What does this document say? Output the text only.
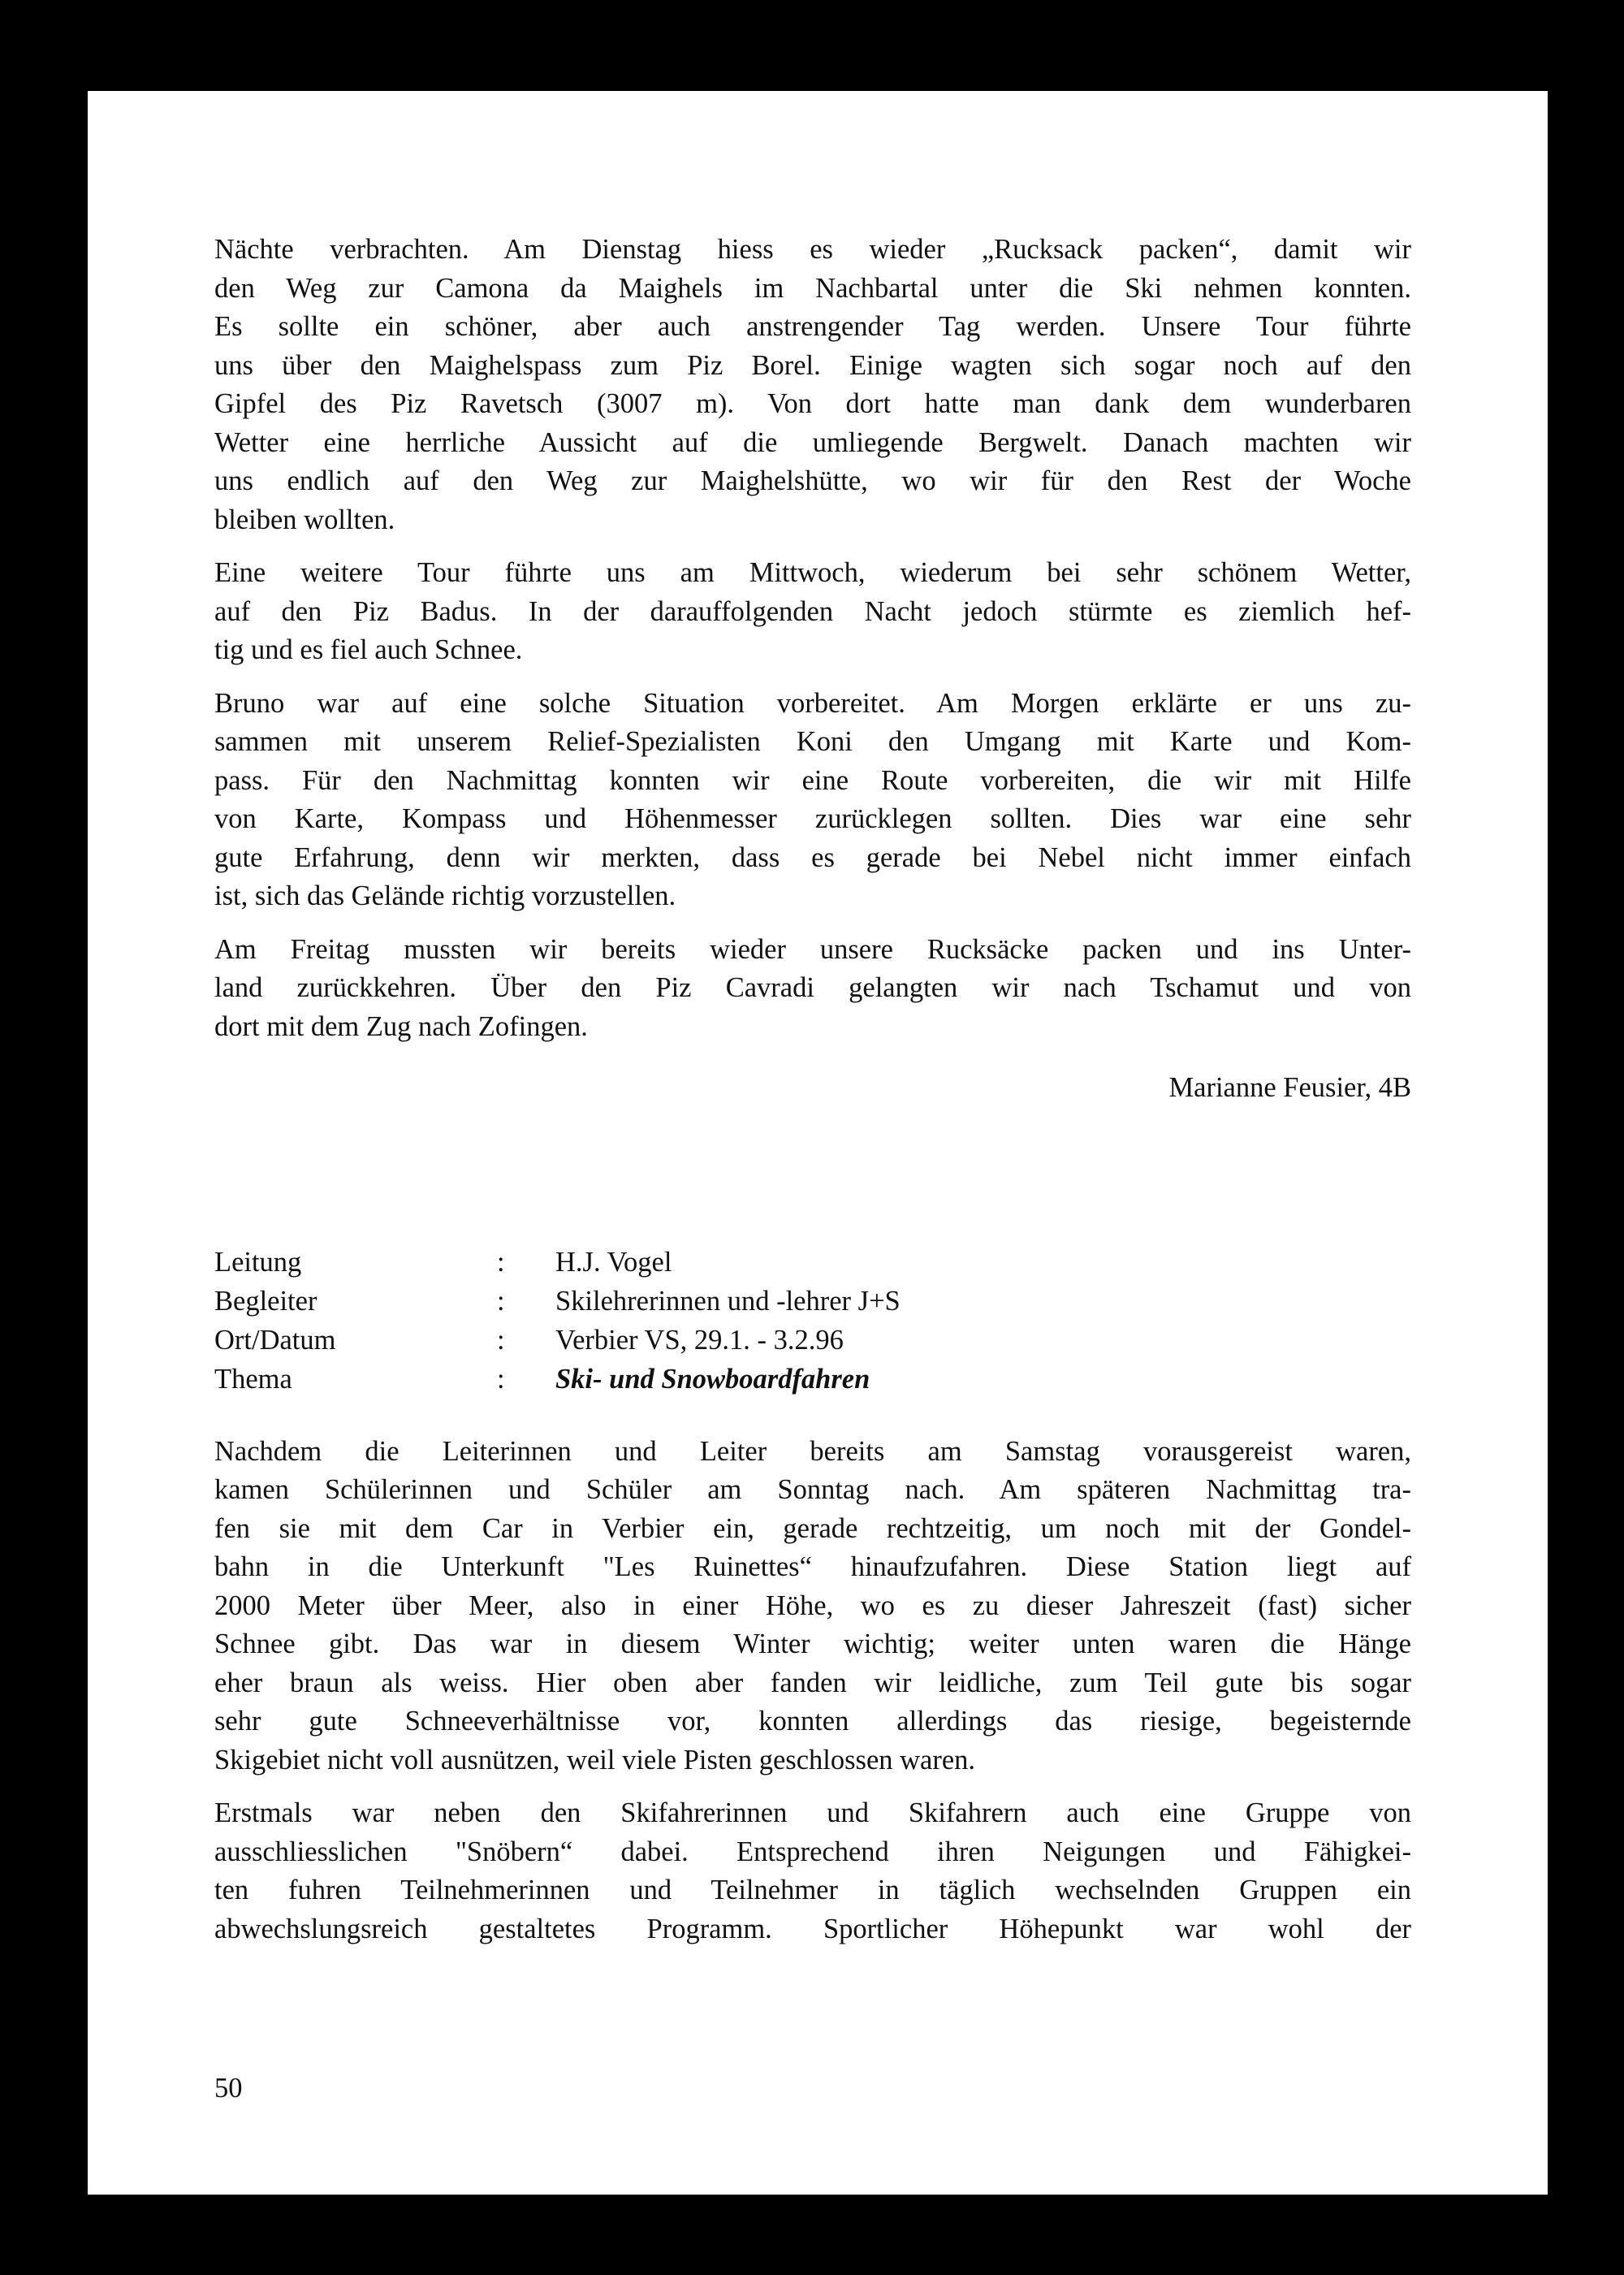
Nächte verbrachten. Am Dienstag hiess es wieder „Rucksack packen“, damit wir
den Weg zur Camona da Maighels im Nachbartal unter die Ski nehmen konnten.
Es sollte ein schöner, aber auch anstrengender Tag werden. Unsere Tour führte
uns über den Maighelspass zum Piz Borel. Einige wagten sich sogar noch auf den
Gipfel des Piz Ravetsch (3007 m). Von dort hatte man dank dem wunderbaren
Wetter eine herrliche Aussicht auf die umliegende Bergwelt. Danach machten wir
uns endlich auf den Weg zur Maighelshütte, wo wir für den Rest der Woche
bleiben wollten.

Eine weitere Tour führte uns am Mittwoch, wiederum bei sehr schönem Wetter,
auf den Piz Badus. In der darauffolgenden Nacht jedoch stürmte es ziemlich hef-
tig und es fiel auch Schnee.

Bruno war auf eine solche Situation vorbereitet. Am Morgen erklärte er uns zu-
sammen mit unserem Relief-Spezialisten Koni den Umgang mit Karte und Kom-
pass. Für den Nachmittag konnten wir eine Route vorbereiten, die wir mit Hilfe
von Karte, Kompass und Höhenmesser zurücklegen sollten. Dies war eine sehr
gute Erfahrung, denn wir merkten, dass es gerade bei Nebel nicht immer einfach
ist, sich das Gelände richtig vorzustellen.

Am Freitag mussten wir bereits wieder unsere Rucksäcke packen und ins Unter-
land zurückkehren. Über den Piz Cavradi gelangten wir nach Tschamut und von
dort mit dem Zug nach Zofingen.

Marianne Feusier, 4B

Leitung	:	H.J. Vogel
Begleiter	:	Skilehrerinnen und -lehrer J+S
Ort/Datum	:	Verbier VS, 29.1. - 3.2.96
Thema	:	Ski- und Snowboardfahren

Nachdem die Leiterinnen und Leiter bereits am Samstag vorausgereist waren,
kamen Schülerinnen und Schüler am Sonntag nach. Am späteren Nachmittag tra-
fen sie mit dem Car in Verbier ein, gerade rechtzeitig, um noch mit der Gondel-
bahn in die Unterkunft "Les Ruinettes“ hinaufzufahren. Diese Station liegt auf
2000 Meter über Meer, also in einer Höhe, wo es zu dieser Jahreszeit (fast) sicher
Schnee gibt. Das war in diesem Winter wichtig; weiter unten waren die Hänge
eher braun als weiss. Hier oben aber fanden wir leidliche, zum Teil gute bis sogar
sehr gute Schneeverhältnisse vor, konnten allerdings das riesige, begeisternde
Skigebiet nicht voll ausnützen, weil viele Pisten geschlossen waren.

Erstmals war neben den Skifahrerinnen und Skifahrern auch eine Gruppe von
ausschliesslichen "Snöbern“ dabei. Entsprechend ihren Neigungen und Fähigkei-
ten fuhren Teilnehmerinnen und Teilnehmer in täglich wechselnden Gruppen ein
abwechslungsreich gestaltetes Programm. Sportlicher Höhepunkt war wohl der

50
